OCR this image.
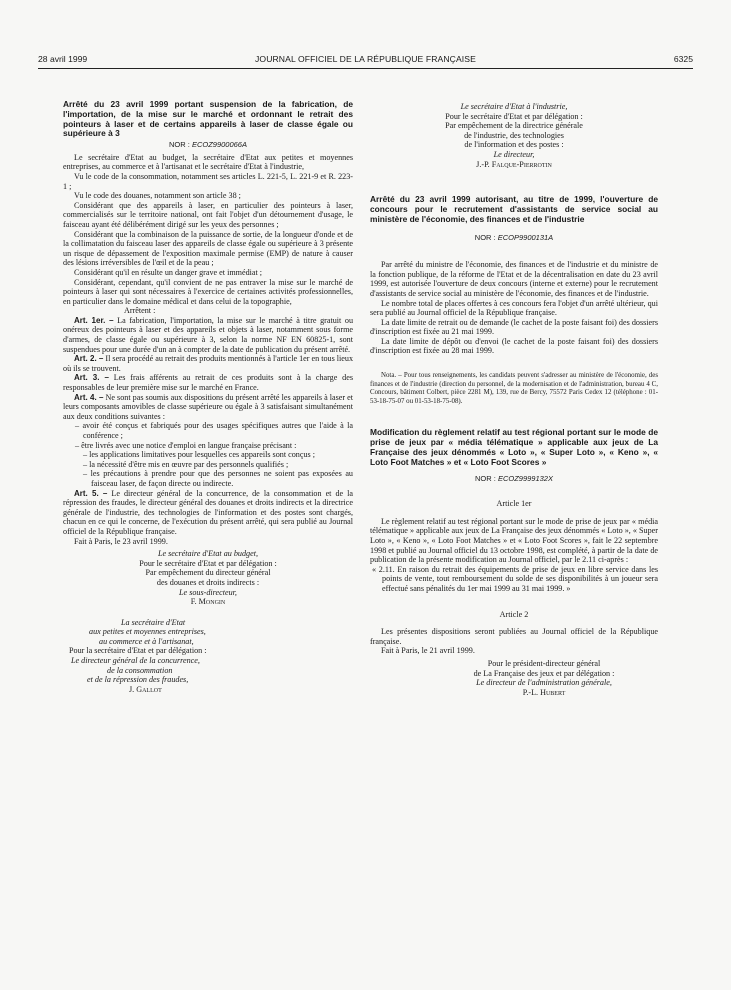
28 avril 1999	JOURNAL OFFICIEL DE LA RÉPUBLIQUE FRANÇAISE	6325
Arrêté du 23 avril 1999 portant suspension de la fabrication, de l'importation, de la mise sur le marché et ordonnant le retrait des pointeurs à laser et de certains appareils à laser de classe égale ou supérieure à 3
NOR : ECOZ9900066A

Le secrétaire d'Etat au budget, la secrétaire d'Etat aux petites et moyennes entreprises, au commerce et à l'artisanat et le secrétaire d'Etat à l'industrie,

Vu le code de la consommation, notamment ses articles L. 221-5, L. 221-9 et R. 223-1 ;

Vu le code des douanes, notamment son article 38 ;

Considérant que des appareils à laser, en particulier des pointeurs à laser, commercialisés sur le territoire national, ont fait l'objet d'un détournement d'usage, le faisceau ayant été délibérément dirigé sur les yeux des personnes ;

Considérant que la combinaison de la puissance de sortie, de la longueur d'onde et de la collimatation du faisceau laser des appareils de classe égale ou supérieure à 3 présente un risque de dépassement de l'exposition maximale permise (EMP) de nature à causer des lésions irréversibles de l'œil et de la peau ;

Considérant qu'il en résulte un danger grave et immédiat ;

Considérant, cependant, qu'il convient de ne pas entraver la mise sur le marché de pointeurs à laser qui sont nécessaires à l'exercice de certaines activités professionnelles, en particulier dans le domaine médical et dans celui de la topographie,

Arrêtent :

Art. 1er. – La fabrication, l'importation, la mise sur le marché à titre gratuit ou onéreux des pointeurs à laser et des appareils et objets à laser, notamment sous forme d'armes, de classe égale ou supérieure à 3, selon la norme NF EN 60825-1, sont suspendues pour une durée d'un an à compter de la date de publication du présent arrêté.

Art. 2. – Il sera procédé au retrait des produits mentionnés à l'article 1er en tous lieux où ils se trouvent.

Art. 3. – Les frais afférents au retrait de ces produits sont à la charge des responsables de leur première mise sur le marché en France.

Art. 4. – Ne sont pas soumis aux dispositions du présent arrêté les appareils à laser et leurs composants amovibles de classe supérieure ou égale à 3 satisfaisant simultanément aux deux conditions suivantes :

– avoir été conçus et fabriqués pour des usages spécifiques autres que l'aide à la conférence ;

– être livrés avec une notice d'emploi en langue française précisant :

– les applications limitatives pour lesquelles ces appareils sont conçus ;

– la nécessité d'être mis en œuvre par des personnels qualifiés ;

– les précautions à prendre pour que des personnes ne soient pas exposées au faisceau laser, de façon directe ou indirecte.

Art. 5. – Le directeur général de la concurrence, de la consommation et de la répression des fraudes, le directeur général des douanes et droits indirects et la directrice générale de l'industrie, des technologies de l'information et des postes sont chargés, chacun en ce qui le concerne, de l'exécution du présent arrêté, qui sera publié au Journal officiel de la République française.

Fait à Paris, le 23 avril 1999.

Le secrétaire d'Etat au budget,

Pour le secrétaire d'Etat et par délégation :

Par empêchement du directeur général

des douanes et droits indirects :

Le sous-directeur,

F. Mongin

La secrétaire d'Etat

aux petites et moyennes entreprises,

au commerce et à l'artisanat,

Pour la secrétaire d'Etat et par délégation :

Le directeur général de la concurrence,

de la consommation

et de la répression des fraudes,

J. Gallot

Le secrétaire d'Etat à l'industrie,

Pour le secrétaire d'Etat et par délégation :

Par empêchement de la directrice générale

de l'industrie, des technologies

de l'information et des postes :

Le directeur,

J.-P. Falque-Pierrotin

Arrêté du 23 avril 1999 autorisant, au titre de 1999, l'ouverture de concours pour le recrutement d'assistants de service social au ministère de l'économie, des finances et de l'industrie
NOR : ECOP9900131A

Par arrêté du ministre de l'économie, des finances et de l'industrie et du ministre de la fonction publique, de la réforme de l'Etat et de la décentralisation en date du 23 avril 1999, est autorisée l'ouverture de deux concours (interne et externe) pour le recrutement d'assistants de service social au ministère de l'économie, des finances et de l'industrie.

Le nombre total de places offertes à ces concours fera l'objet d'un arrêté ultérieur, qui sera publié au Journal officiel de la République française.

La date limite de retrait ou de demande (le cachet de la poste faisant foi) des dossiers d'inscription est fixée au 21 mai 1999.

La date limite de dépôt ou d'envoi (le cachet de la poste faisant foi) des dossiers d'inscription est fixée au 28 mai 1999.

Nota. – Pour tous renseignements, les candidats peuvent s'adresser au ministère de l'économie, des finances et de l'industrie (direction du personnel, de la modernisation et de l'administration, bureau 4 C, Concours, bâtiment Colbert, pièce 2281 M), 139, rue de Bercy, 75572 Paris Cedex 12 (téléphone : 01-53-18-75-07 ou 01-53-18-75-08).

Modification du règlement relatif au test régional portant sur le mode de prise de jeux par « média télématique » applicable aux jeux de La Française des jeux dénommés « Loto », « Super Loto », « Keno », « Loto Foot Matches » et « Loto Foot Scores »
NOR : ECOZ9999132X

Article 1er

Le règlement relatif au test régional portant sur le mode de prise de jeux par « média télématique » applicable aux jeux de La Française des jeux dénommés « Loto », « Super Loto », « Keno », « Loto Foot Matches » et « Loto Foot Scores », fait le 22 septembre 1998 et publié au Journal officiel du 13 octobre 1998, est complété, à partir de la date de publication de la présente modification au Journal officiel, par le 2.11 ci-après :

« 2.11. En raison du retrait des équipements de prise de jeux en libre service dans les points de vente, tout remboursement du solde de ses disponibilités à un joueur sera effectué sans pénalités du 1er mai 1999 au 31 mai 1999. »

Article 2

Les présentes dispositions seront publiées au Journal officiel de la République française.

Fait à Paris, le 21 avril 1999.

Pour le président-directeur général

de La Française des jeux et par délégation :

Le directeur de l'administration générale,

P.-L. Hubert
